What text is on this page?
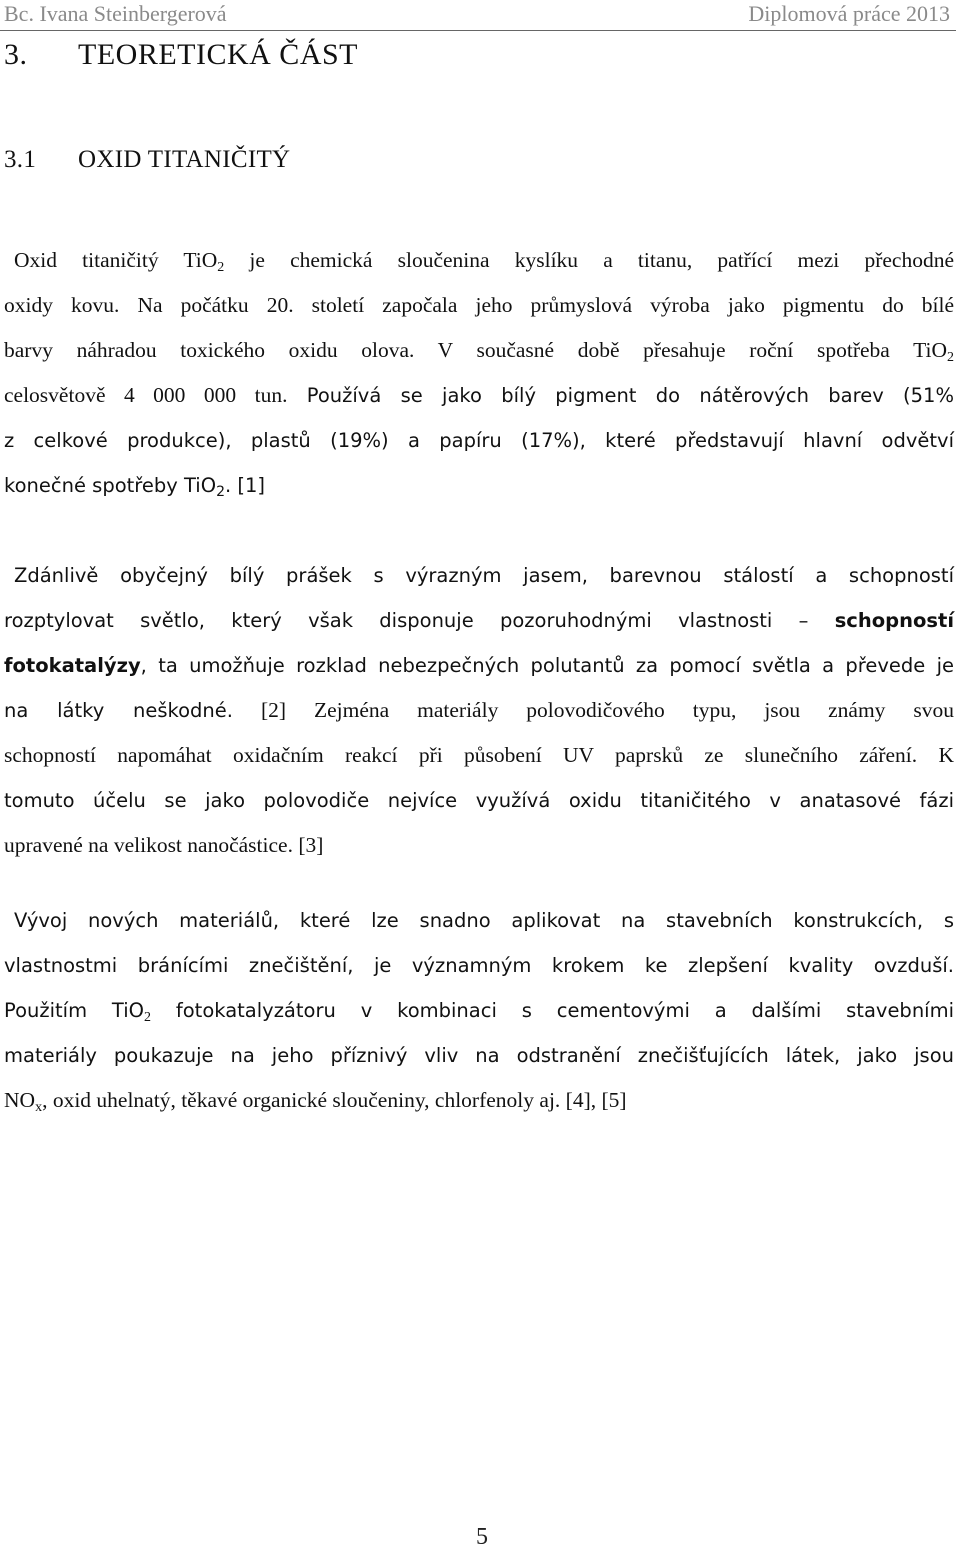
Bc. Ivana Steinbergerová	Diplomová práce 2013
3. TEORETICKÁ ČÁST
3.1 OXID TITANIČITÝ
Oxid titaničitý TiO$_2$ je chemická sloučenina kyslíku a titanu, patřící mezi přechodné
oxidy kovu. Na počátku 20. století započala jeho průmyslová výroba jako pigmentu do bílé
barvy náhradou toxického oxidu olova. V současné době přesahuje roční spotřeba TiO$_2$
celosvětově 4 000 000 tun. Používá se jako bílý pigment do nátěrových barev (51%
z celkové produkce), plastů (19%) a papíru (17%), které představují hlavní odvětví
konečné spotřeby TiO$_2$. [1]
Zdánlivě obyčejný bílý prášek s výrazným jasem, barevnou stálostí a schopností
rozptylovat světlo, který však disponuje pozoruhodnými vlastnosti – schopností
fotokatalýzy, ta umožňuje rozklad nebezpečných polutantů za pomocí světla a převede je
na látky neškodné. [2] Zejména materiály polovodičového typu, jsou známy svou
schopností napomáhat oxidačním reakcí při působení UV paprsků ze slunečního záření. K
tomuto účelu se jako polovodiče nejvíce využívá oxidu titaničitého v anatasové fázi
upravené na velikost nanočástice. [3]
Vývoj nových materiálů, které lze snadno aplikovat na stavebních konstrukcích, s
vlastnostmi bránícími znečištění, je významným krokem ke zlepšení kvality ovzduší.
Použitím TiO$_2$ fotokatalyzátoru v kombinaci s cementovými a dalšími stavebními
materiály poukazuje na jeho příznivý vliv na odstranění znečišťujících látek, jako jsou
$NO_x$, oxid uhelnatý, těkavé organické sloučeniny, chlorfenoly aj. [4], [5]
5
